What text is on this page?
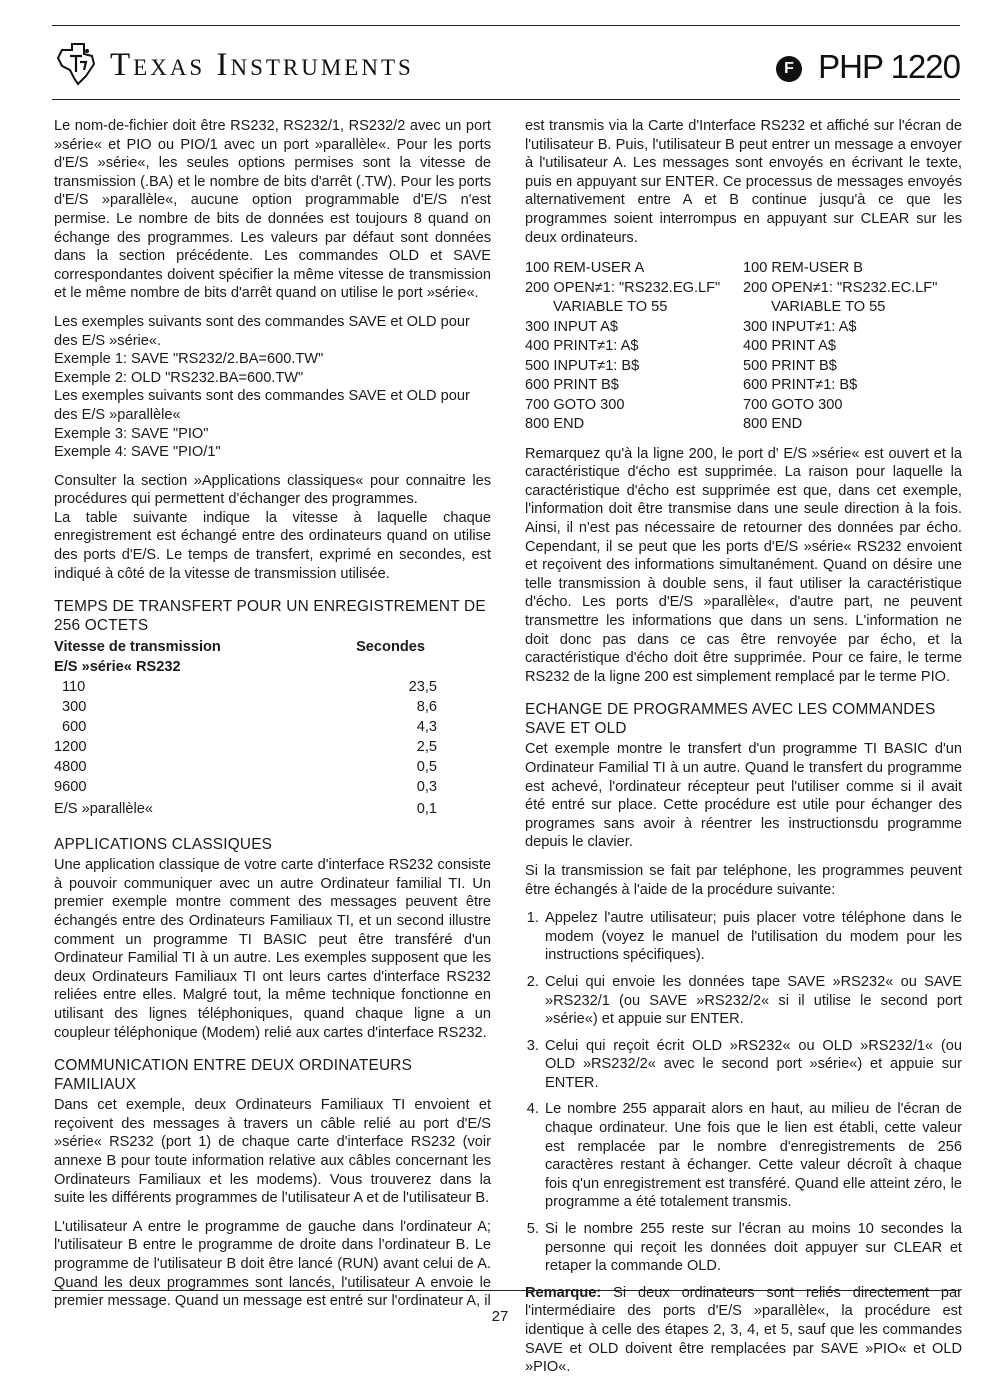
Texas Instruments	F PHP 1220

Le nom-de-fichier doit être RS232, RS232/1, RS232/2 avec un port »série« et PIO ou PIO/1 avec un port »parallèle«. Pour les ports d'E/S »série«, les seules options permises sont la vitesse de transmission (.BA) et le nombre de bits d'arrêt (.TW). Pour les ports d'E/S »parallèle«, aucune option programmable d'E/S n'est permise. Le nombre de bits de données est toujours 8 quand on échange des programmes. Les valeurs par défaut sont données dans la section précédente. Les commandes OLD et SAVE correspondantes doivent spécifier la même vitesse de transmission et le même nombre de bits d'arrêt quand on utilise le port »série«.

Les exemples suivants sont des commandes SAVE et OLD pour des E/S »série«.

Exemple 1: SAVE "RS232/2.BA=600.TW"

Exemple 2: OLD "RS232.BA=600.TW"

Les exemples suivants sont des commandes SAVE et OLD pour des E/S »parallèle«

Exemple 3: SAVE "PIO"

Exemple 4: SAVE "PIO/1"

Consulter la section »Applications classiques« pour connaitre les procédures qui permettent d'échanger des programmes.

La table suivante indique la vitesse à laquelle chaque enregistrement est échangé entre des ordinateurs quand on utilise des ports d'E/S. Le temps de transfert, exprimé en secondes, est indiqué à côté de la vitesse de transmission utilisée.

TEMPS DE TRANSFERT POUR UN ENREGISTREMENT DE 256 OCTETS
Vitesse de transmission	Secondes
E/S »série« RS232	
110	23,5
300	8,6
600	4,3
1200	2,5
4800	0,5
9600	0,3
E/S »parallèle«	0,1
APPLICATIONS CLASSIQUES

Une application classique de votre carte d'interface RS232 consiste à pouvoir communiquer avec un autre Ordinateur familial TI. Un premier exemple montre comment des messages peuvent être échangés entre des Ordinateurs Familiaux TI, et un second illustre comment un programme TI BASIC peut être transféré d'un Ordinateur Familial TI à un autre. Les exemples supposent que les deux Ordinateurs Familiaux TI ont leurs cartes d'interface RS232 reliées entre elles. Malgré tout, la même technique fonctionne en utilisant des lignes téléphoniques, quand chaque ligne a un coupleur téléphonique (Modem) relié aux cartes d'interface RS232.

COMMUNICATION ENTRE DEUX ORDINATEURS FAMILIAUX

Dans cet exemple, deux Ordinateurs Familiaux TI envoient et reçoivent des messages à travers un câble relié au port d'E/S »série« RS232 (port 1) de chaque carte d'interface RS232 (voir annexe B pour toute information relative aux câbles concernant les Ordinateurs Familiaux et les modems). Vous trouverez dans la suite les différents programmes de l'utilisateur A et de l'utilisateur B.

L'utilisateur A entre le programme de gauche dans l'ordinateur A; l'utilisateur B entre le programme de droite dans l'ordinateur B. Le programme de l'utilisateur B doit être lancé (RUN) avant celui de A. Quand les deux programmes sont lancés, l'utilisateur A envoie le premier message. Quand un message est entré sur l'ordinateur A, il

est transmis via la Carte d'Interface RS232 et affiché sur l'écran de l'utilisateur B. Puis, l'utilisateur B peut entrer un message a envoyer à l'utilisateur A. Les messages sont envoyés en écrivant le texte, puis en appuyant sur ENTER. Ce processus de messages envoyés alternativement entre A et B continue jusqu'à ce que les programmes soient interrompus en appuyant sur CLEAR sur les deux ordinateurs.

100 REM-USER A	100 REM-USER B
200 OPEN≠1: "RS232.EG.LF"	200 OPEN≠1: "RS232.EC.LF"
VARIABLE TO 55	VARIABLE TO 55
300 INPUT A$	300 INPUT≠1: A$
400 PRINT≠1: A$	400 PRINT A$
500 INPUT≠1: B$	500 PRINT B$
600 PRINT B$	600 PRINT≠1: B$
700 GOTO 300	700 GOTO 300
800 END	800 END

Remarquez qu'à la ligne 200, le port d' E/S »série« est ouvert et la caractéristique d'écho est supprimée. La raison pour laquelle la caractéristique d'écho est supprimée est que, dans cet exemple, l'information doit être transmise dans une seule direction à la fois. Ainsi, il n'est pas nécessaire de retourner des données par écho. Cependant, il se peut que les ports d'E/S »série« RS232 envoient et reçoivent des informations simultanément. Quand on désire une telle transmission à double sens, il faut utiliser la caractéristique d'écho. Les ports d'E/S »parallèle«, d'autre part, ne peuvent transmettre les informations que dans un sens. L'information ne doit donc pas dans ce cas être renvoyée par écho, et la caractéristique d'écho doit être supprimée. Pour ce faire, le terme RS232 de la ligne 200 est simplement remplacé par le terme PIO.

ECHANGE DE PROGRAMMES AVEC LES COMMANDES SAVE ET OLD

Cet exemple montre le transfert d'un programme TI BASIC d'un Ordinateur Familial TI à un autre. Quand le transfert du programme est achevé, l'ordinateur récepteur peut l'utiliser comme si il avait été entré sur place. Cette procédure est utile pour échanger des programes sans avoir à réentrer les instructionsdu programme depuis le clavier.

Si la transmission se fait par teléphone, les programmes peuvent être échangés à l'aide de la procédure suivante:

1. Appelez l'autre utilisateur; puis placer votre téléphone dans le modem (voyez le manuel de l'utilisation du modem pour les instructions spécifiques).
2. Celui qui envoie les données tape SAVE »RS232« ou SAVE »RS232/1 (ou SAVE »RS232/2« si il utilise le second port »série«) et appuie sur ENTER.
3. Celui qui reçoit écrit OLD »RS232« ou OLD »RS232/1« (ou OLD »RS232/2« avec le second port »série«) et appuie sur ENTER.
4. Le nombre 255 apparait alors en haut, au milieu de l'écran de chaque ordinateur. Une fois que le lien est établi, cette valeur est remplacée par le nombre d'enregistrements de 256 caractères restant à échanger. Cette valeur décroît à chaque fois q'un enregistrement est transféré. Quand elle atteint zéro, le programme a été totalement transmis.
5. Si le nombre 255 reste sur l'écran au moins 10 secondes la personne qui reçoit les données doit appuyer sur CLEAR et retaper la commande OLD.

Remarque: Si deux ordinateurs sont reliés directement par l'intermédiaire des ports d'E/S »parallèle«, la procédure est identique à celle des étapes 2, 3, 4, et 5, sauf que les commandes SAVE et OLD doivent être remplacées par SAVE »PIO« et OLD »PIO«.

27
